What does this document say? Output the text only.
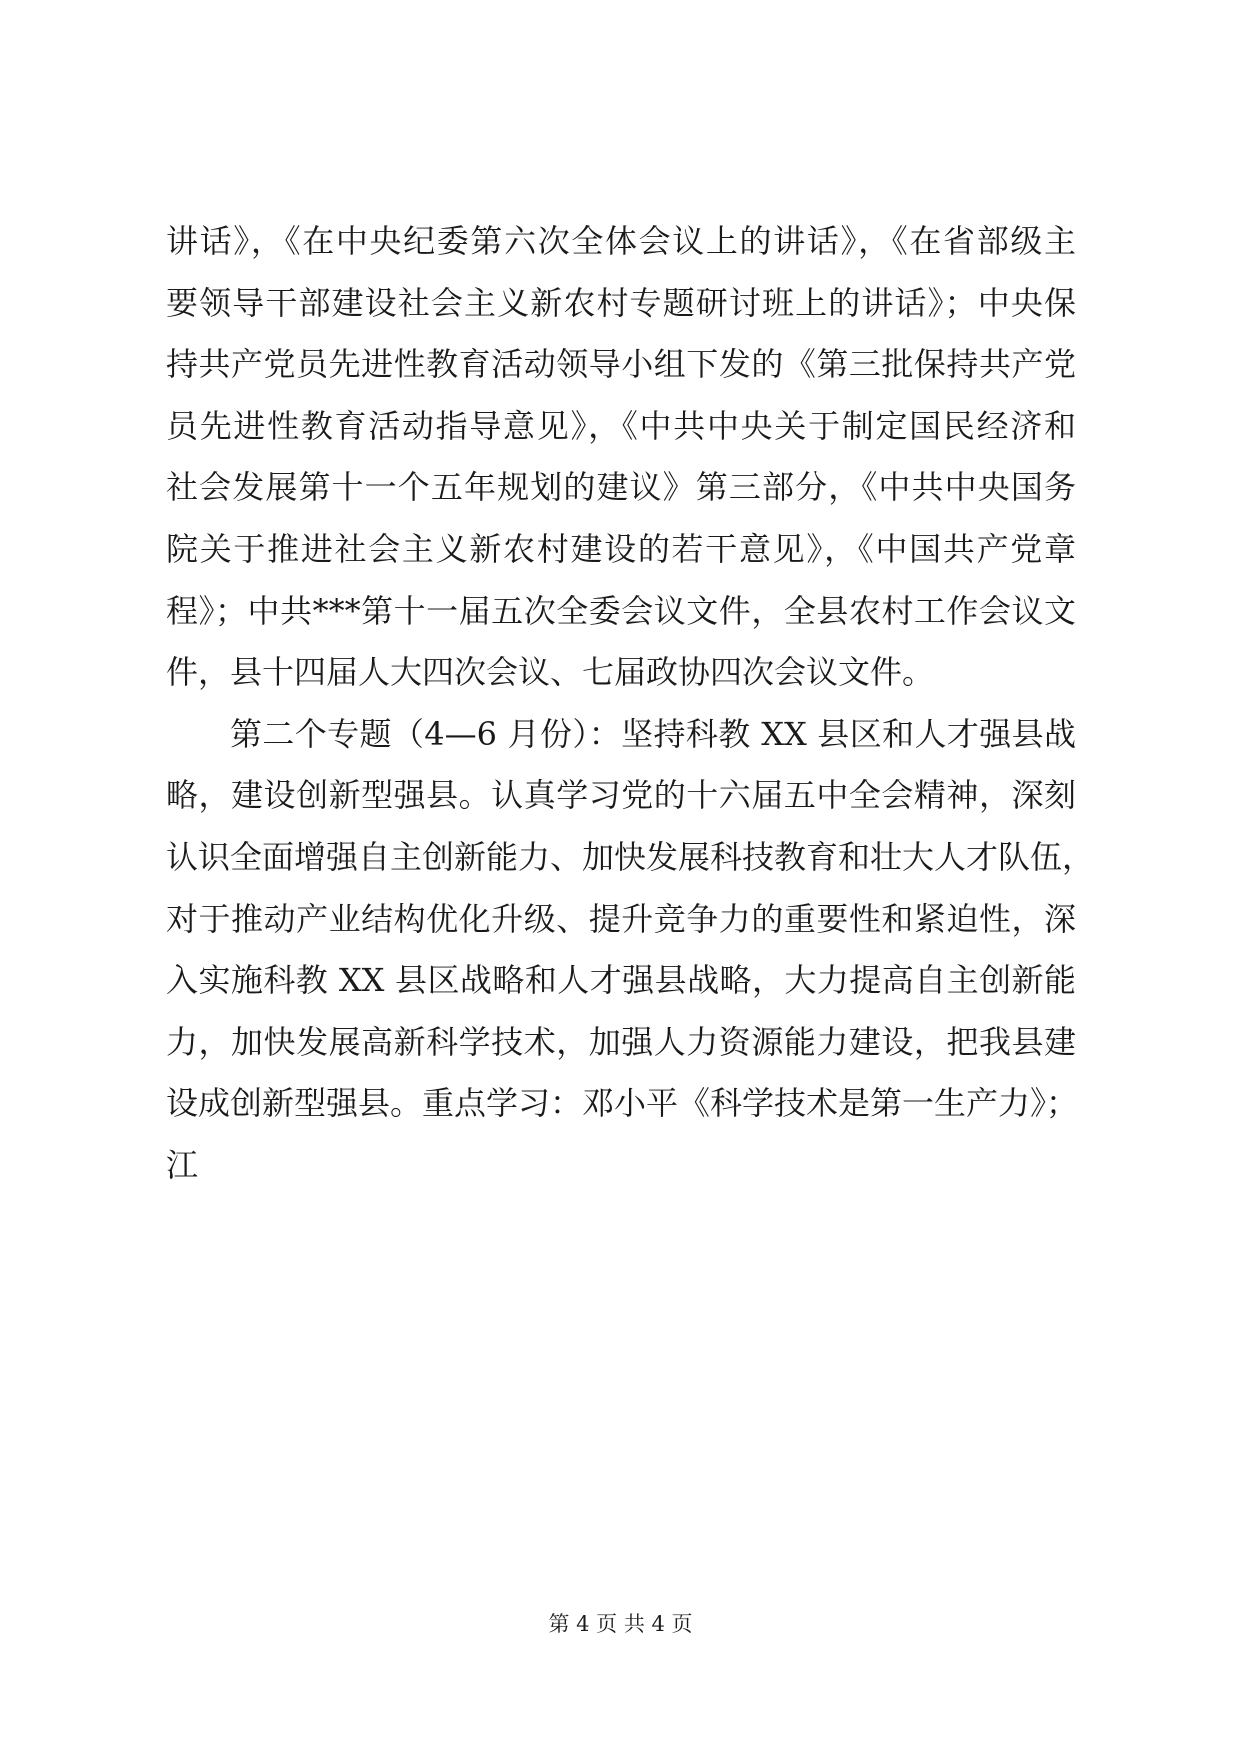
讲话》，《在中央纪委第六次全体会议上的讲话》，《在省部级主
要领导干部建设社会主义新农村专题研讨班上的讲话》；中央保
持共产党员先进性教育活动领导小组下发的《第三批保持共产党
员先进性教育活动指导意见》，《中共中央关于制定国民经济和
社会发展第十一个五年规划的建议》第三部分，《中共中央国务
院关于推进社会主义新农村建设的若干意见》，《中国共产党章
程》；中共***第十一届五次全委会议文件，全县农村工作会议文
件，县十四届人大四次会议、七届政协四次会议文件。
第二个专题（4—6 月份）：坚持科教 XX 县区和人才强县战
略，建设创新型强县。认真学习党的十六届五中全会精神，深刻
认识全面增强自主创新能力、加快发展科技教育和壮大人才队伍，
对于推动产业结构优化升级、提升竞争力的重要性和紧迫性，深
入实施科教 XX 县区战略和人才强县战略，大力提高自主创新能
力，加快发展高新科学技术，加强人力资源能力建设，把我县建
设成创新型强县。重点学习：邓小平《科学技术是第一生产力》；
江
第 4 页 共 4 页
